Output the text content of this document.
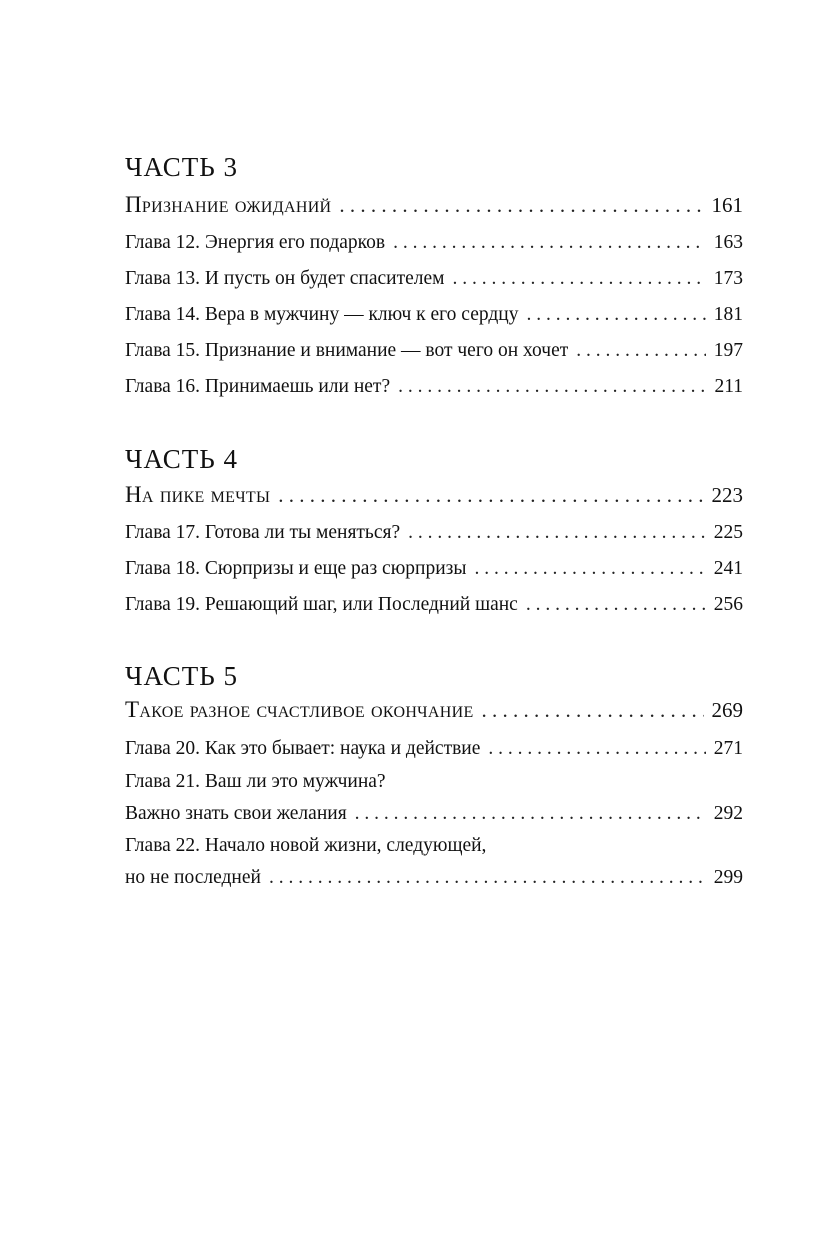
ЧАСТЬ 3
Признание ожиданий . . .	161
Глава 12. Энергия его подарков . . .	163
Глава 13. И пусть он будет спасителем . . .	173
Глава 14. Вера в мужчину — ключ к его сердцу . . .	181
Глава 15. Признание и внимание — вот чего он хочет . . .	197
Глава 16. Принимаешь или нет? . . .	211
ЧАСТЬ 4
На пике мечты . . .	223
Глава 17. Готова ли ты меняться? . . .	225
Глава 18. Сюрпризы и еще раз сюрпризы . . .	241
Глава 19. Решающий шаг, или Последний шанс . . .	256
ЧАСТЬ 5
Такое разное счастливое окончание . . .	269
Глава 20. Как это бывает: наука и действие . . .	271
Глава 21. Ваш ли это мужчина?
Важно знать свои желания . . .	292
Глава 22. Начало новой жизни, следующей,
но не последней . . .	299
